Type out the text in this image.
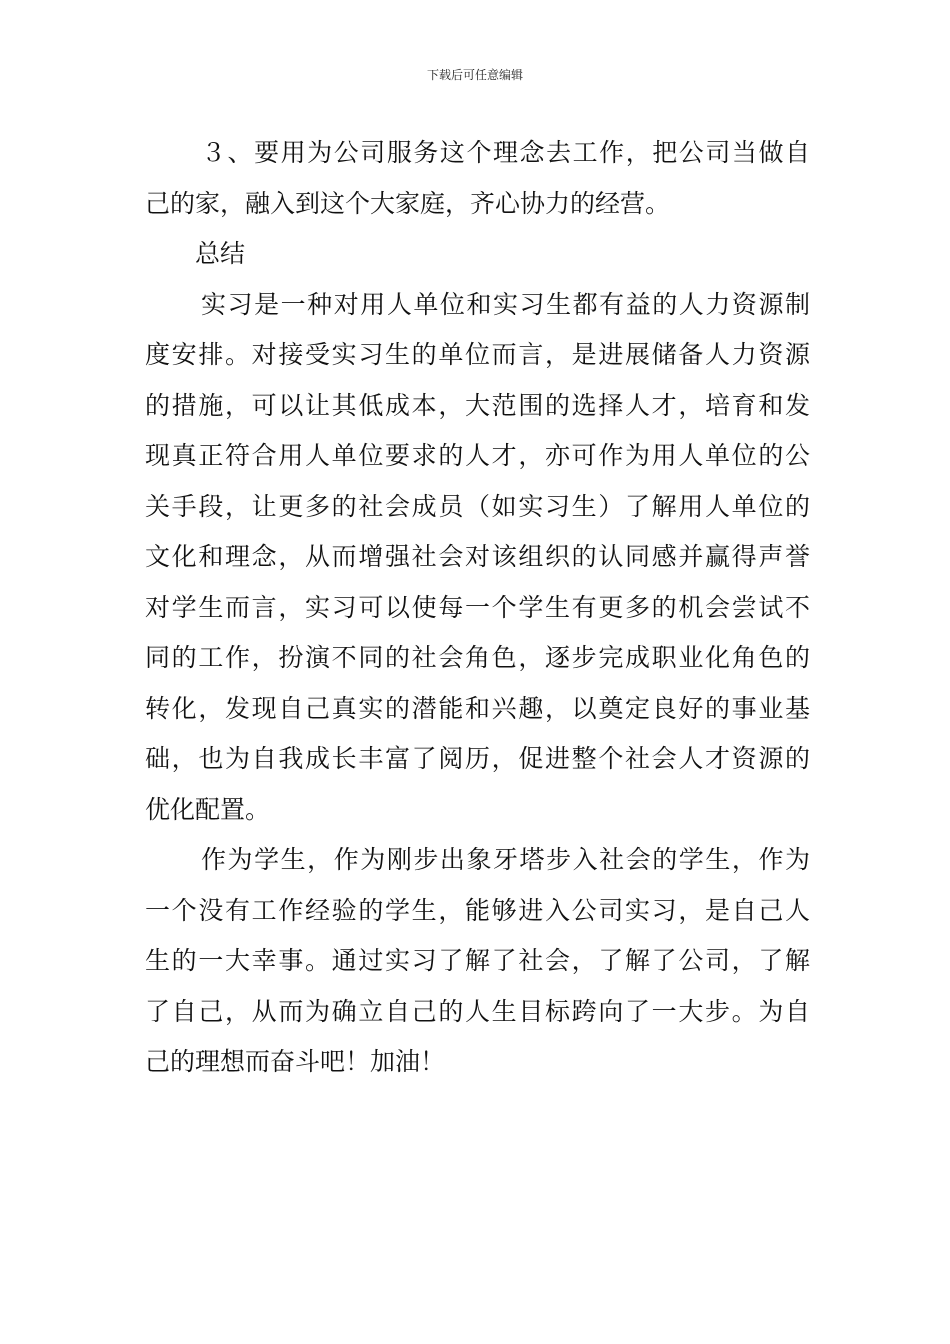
下载后可任意编辑
３、要用为公司服务这个理念去工作，把公司当做自
己的家，融入到这个大家庭，齐心协力的经营。
总结
实习是一种对用人单位和实习生都有益的人力资源制
度安排。对接受实习生的单位而言，是进展储备人力资源
的措施，可以让其低成本，大范围的选择人才，培育和发
现真正符合用人单位要求的人才，亦可作为用人单位的公
关手段，让更多的社会成员（如实习生）了解用人单位的
文化和理念，从而增强社会对该组织的认同感并赢得声誉
对学生而言，实习可以使每一个学生有更多的机会尝试不
同的工作，扮演不同的社会角色，逐步完成职业化角色的
转化，发现自己真实的潜能和兴趣，以奠定良好的事业基
础，也为自我成长丰富了阅历，促进整个社会人才资源的
优化配置。
作为学生，作为刚步出象牙塔步入社会的学生，作为
一个没有工作经验的学生，能够进入公司实习，是自己人
生的一大幸事。通过实习了解了社会，了解了公司，了解
了自己，从而为确立自己的人生目标跨向了一大步。为自
己的理想而奋斗吧！加油！
